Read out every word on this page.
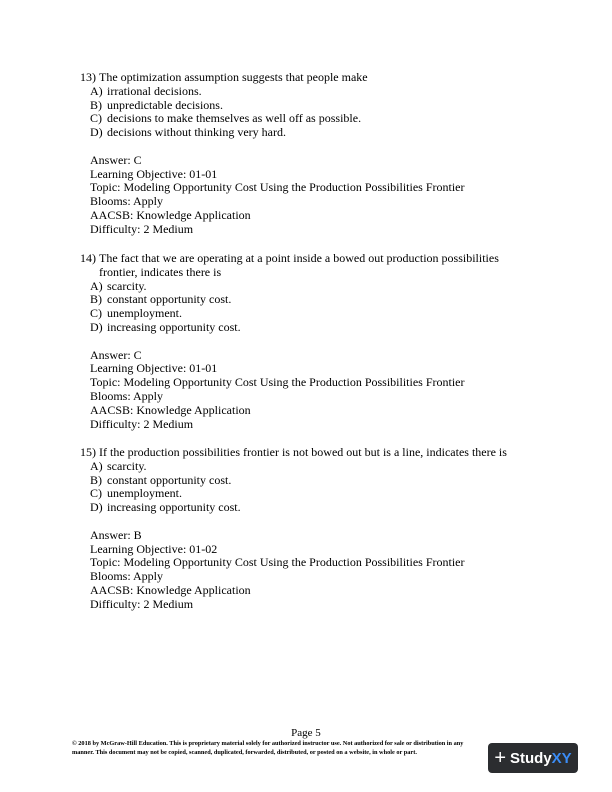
13) The optimization assumption suggests that people make
A) irrational decisions.
B) unpredictable decisions.
C) decisions to make themselves as well off as possible.
D) decisions without thinking very hard.
Answer: C
Learning Objective: 01-01
Topic: Modeling Opportunity Cost Using the Production Possibilities Frontier
Blooms: Apply
AACSB: Knowledge Application
Difficulty: 2 Medium
14) The fact that we are operating at a point inside a bowed out production possibilities frontier, indicates there is
A) scarcity.
B) constant opportunity cost.
C) unemployment.
D) increasing opportunity cost.
Answer: C
Learning Objective: 01-01
Topic: Modeling Opportunity Cost Using the Production Possibilities Frontier
Blooms: Apply
AACSB: Knowledge Application
Difficulty: 2 Medium
15) If the production possibilities frontier is not bowed out but is a line, indicates there is
A) scarcity.
B) constant opportunity cost.
C) unemployment.
D) increasing opportunity cost.
Answer: B
Learning Objective: 01-02
Topic: Modeling Opportunity Cost Using the Production Possibilities Frontier
Blooms: Apply
AACSB: Knowledge Application
Difficulty: 2 Medium
Page 5
© 2018 by McGraw-Hill Education. This is proprietary material solely for authorized instructor use. Not authorized for sale or distribution in any
manner. This document may not be copied, scanned, duplicated, forwarded, distributed, or posted on a website, in whole or part.	+ Study XY
